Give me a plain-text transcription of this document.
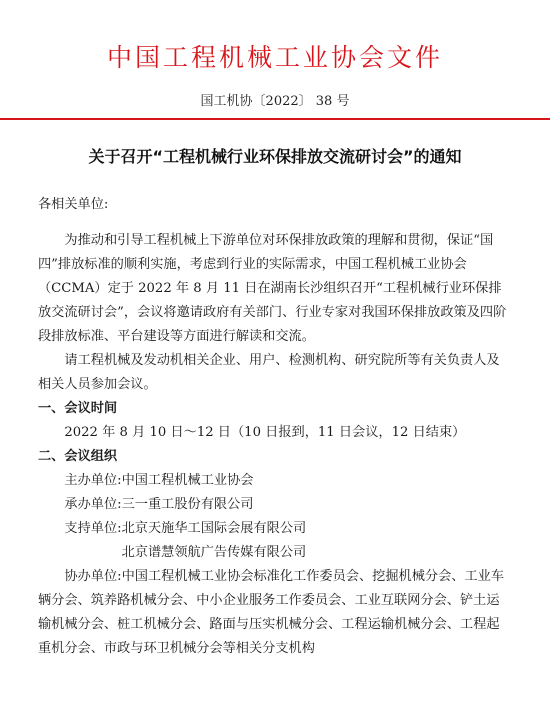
中国工程机械工业协会文件
国工机协〔2022〕 38 号
关于召开“工程机械行业环保排放交流研讨会”的通知

各相关单位:

为推动和引导工程机械上下游单位对环保排放政策的理解和贯彻，保证“国四”排放标准的顺利实施，考虑到行业的实际需求，中国工程机械工业协会（CCMA）定于 2022 年 8 月 11 日在湖南长沙组织召开“工程机械行业环保排放交流研讨会”，会议将邀请政府有关部门、行业专家对我国环保排放政策及四阶段排放标准、平台建设等方面进行解读和交流。

请工程机械及发动机相关企业、用户、检测机构、研究院所等有关负责人及相关人员参加会议。

一、会议时间

2022 年 8 月 10 日～12 日（10 日报到，11 日会议，12 日结束）

二、会议组织

主办单位: 中国工程机械工业协会
承办单位: 三一重工股份有限公司
支持单位: 北京天施华工国际会展有限公司
北京谱慧领航广告传媒有限公司

协办单位:中国工程机械工业协会标准化工作委员会、挖掘机械分会、工业车辆分会、筑养路机械分会、中小企业服务工作委员会、工业互联网分会、铲土运输机械分会、桩工机械分会、路面与压实机械分会、工程运输机械分会、工程起重机分会、市政与环卫机械分会等相关分支机构
